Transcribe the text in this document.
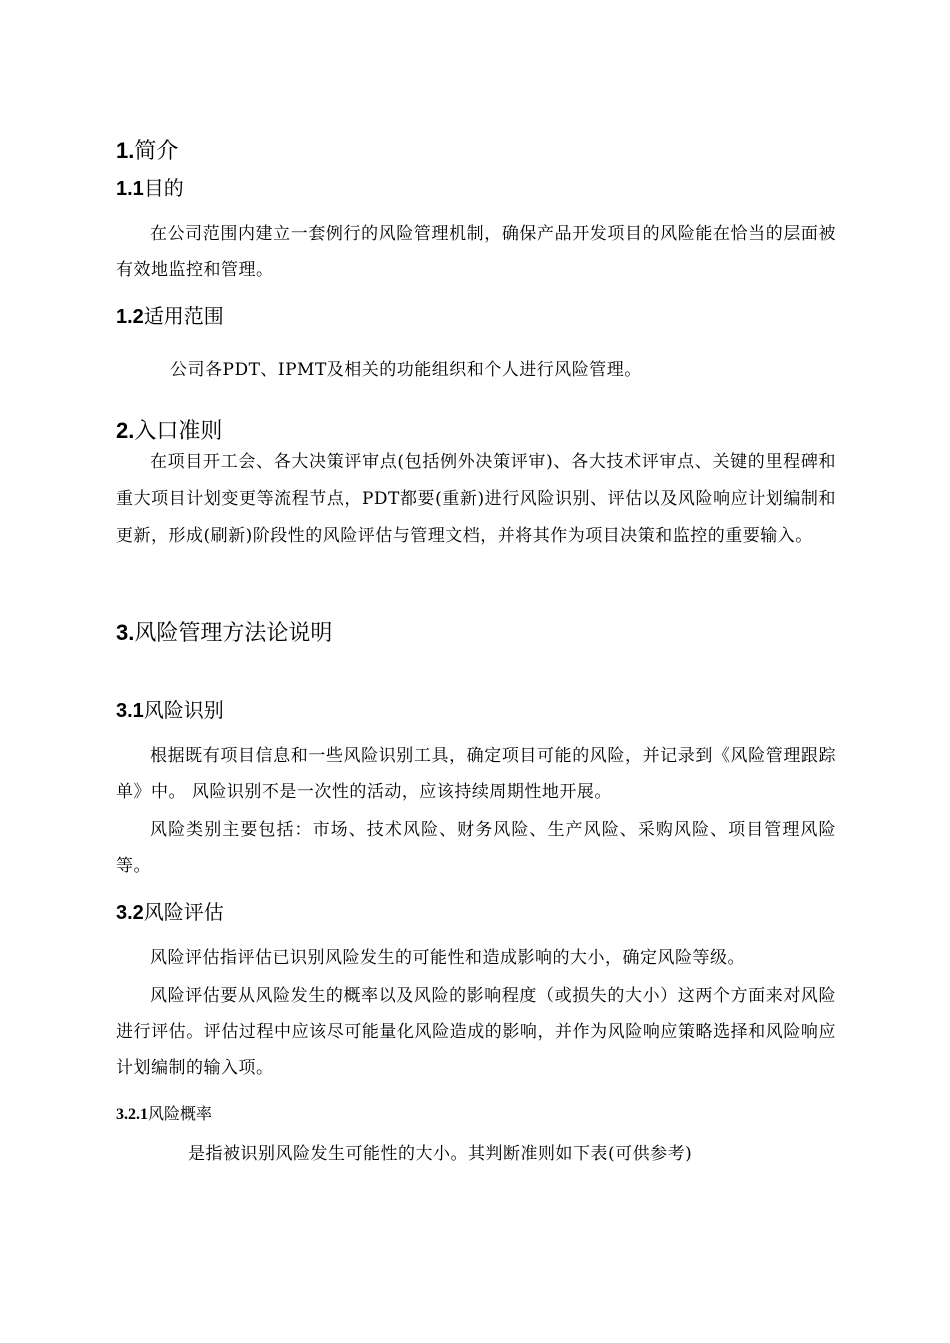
1.简介
1.1目的
在公司范围内建立一套例行的风险管理机制，确保产品开发项目的风险能在恰当的层面被有效地监控和管理。
1.2适用范围
公司各PDT、IPMT及相关的功能组织和个人进行风险管理。
2.入口准则
在项目开工会、各大决策评审点(包括例外决策评审)、各大技术评审点、关键的里程碑和重大项目计划变更等流程节点，PDT都要(重新)进行风险识别、评估以及风险响应计划编制和更新，形成(刷新)阶段性的风险评估与管理文档，并将其作为项目决策和监控的重要输入。
3.风险管理方法论说明
3.1风险识别
根据既有项目信息和一些风险识别工具，确定项目可能的风险，并记录到《风险管理跟踪单》中。 风险识别不是一次性的活动，应该持续周期性地开展。
风险类别主要包括：市场、技术风险、财务风险、生产风险、采购风险、项目管理风险等。
3.2风险评估
风险评估指评估已识别风险发生的可能性和造成影响的大小，确定风险等级。
风险评估要从风险发生的概率以及风险的影响程度（或损失的大小）这两个方面来对风险进行评估。评估过程中应该尽可能量化风险造成的影响，并作为风险响应策略选择和风险响应计划编制的输入项。
3.2.1风险概率
是指被识别风险发生可能性的大小。其判断准则如下表(可供参考)
